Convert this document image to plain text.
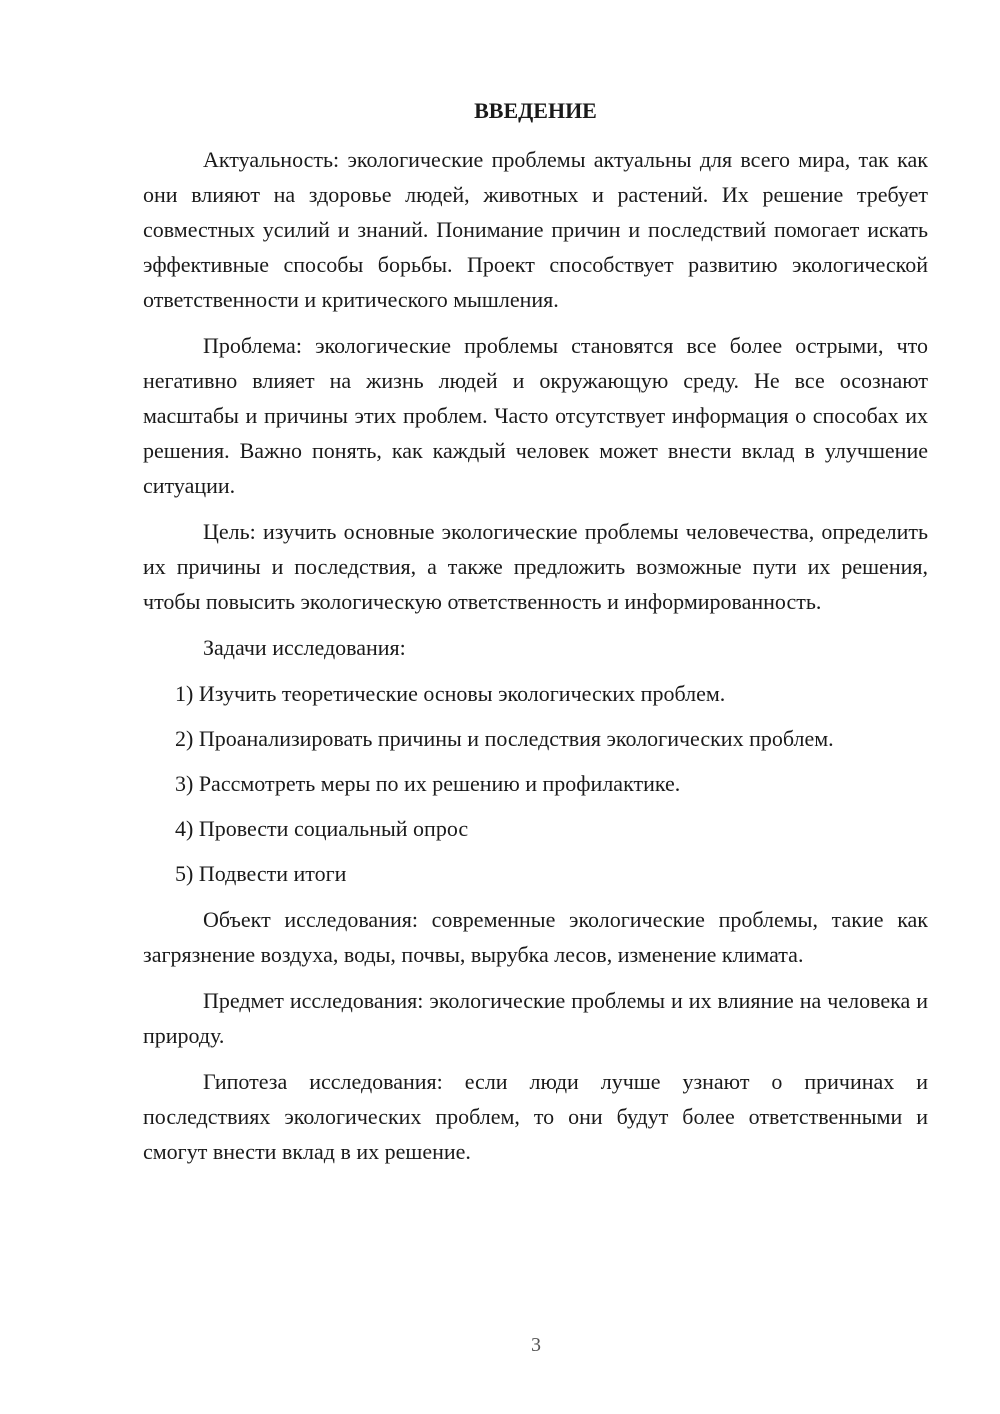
ВВЕДЕНИЕ

Актуальность: экологические проблемы актуальны для всего мира, так как они влияют на здоровье людей, животных и растений. Их решение требует совместных усилий и знаний. Понимание причин и последствий помогает искать эффективные способы борьбы. Проект способствует развитию экологической ответственности и критического мышления.

Проблема: экологические проблемы становятся все более острыми, что негативно влияет на жизнь людей и окружающую среду. Не все осознают масштабы и причины этих проблем. Часто отсутствует информация о способах их решения. Важно понять, как каждый человек может внести вклад в улучшение ситуации.

Цель: изучить основные экологические проблемы человечества, определить их причины и последствия, а также предложить возможные пути их решения, чтобы повысить экологическую ответственность и информированность.

Задачи исследования:

1) Изучить теоретические основы экологических проблем.
2) Проанализировать причины и последствия экологических проблем.
3) Рассмотреть меры по их решению и профилактике.
4) Провести социальный опрос
5) Подвести итоги

Объект исследования: современные экологические проблемы, такие как загрязнение воздуха, воды, почвы, вырубка лесов, изменение климата.

Предмет исследования: экологические проблемы и их влияние на человека и природу.

Гипотеза исследования: если люди лучше узнают о причинах и последствиях экологических проблем, то они будут более ответственными и смогут внести вклад в их решение.

3
